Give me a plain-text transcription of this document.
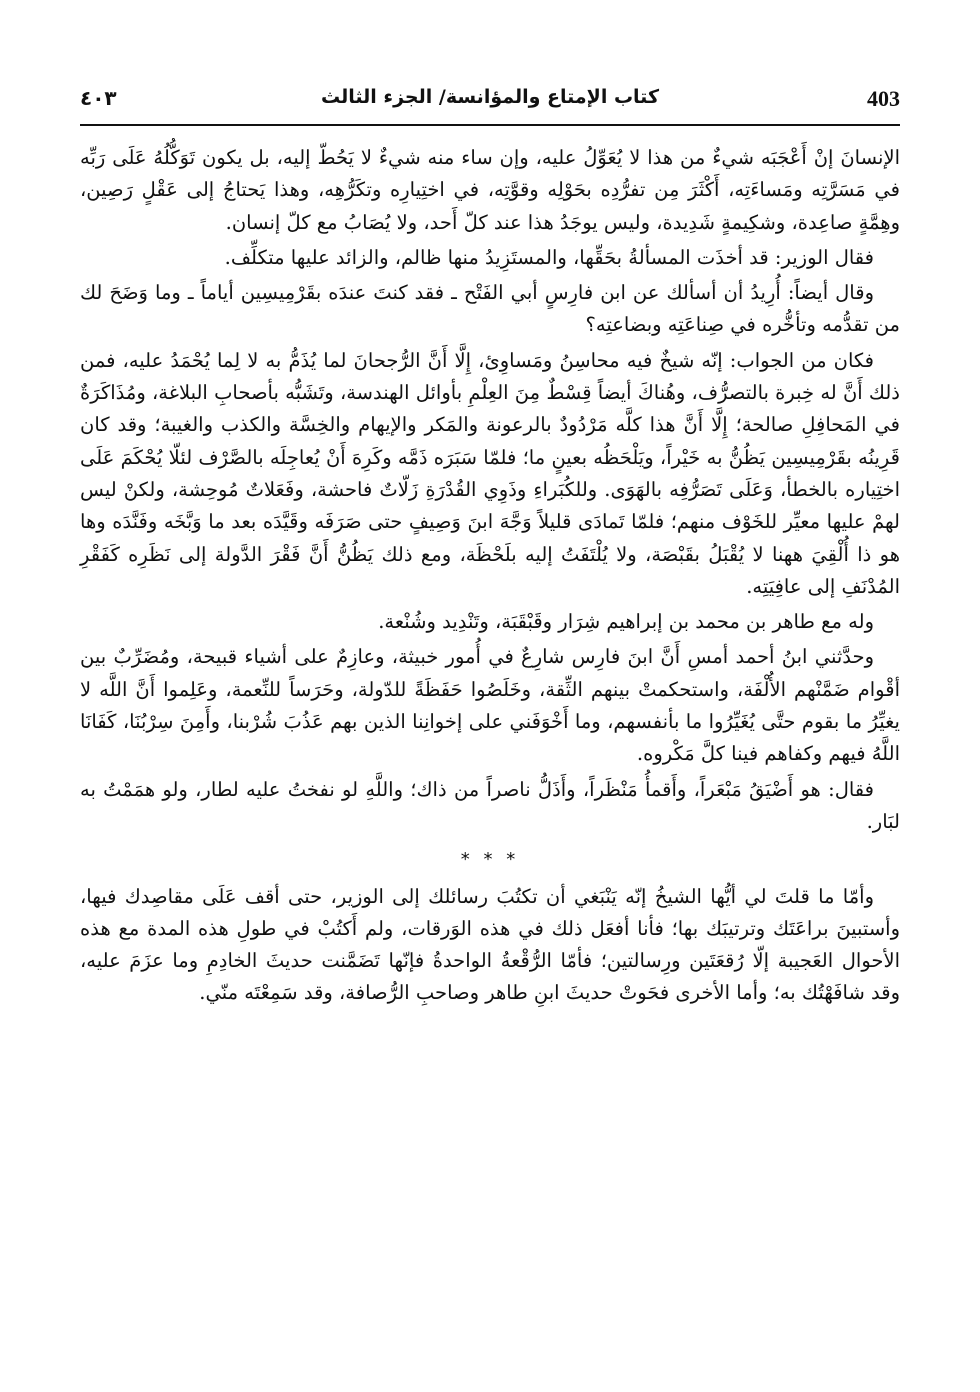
403
كتاب الإمتاع والمؤانسة/ الجزء الثالث
٤٠٣

الإنسانَ إنْ أَعْجَبَه شيءٌ من هذا لا يُعَوِّلُ عليه، وإن ساء منه شيءٌ لا يَحُطّ إليه، بل يكون تَوَكُّلُهُ عَلَى رَبِّه في مَسَرَّتِه ومَساءَتِه، أَكْثَرَ مِن تفرُّدِه بحَوْلِه وقوَّتِه، في اختِيارِه وتكَرُّهِه، وهذا يَحتاجُ إلى عَقْلٍ رَصِين، وهِمَّةٍ صاعِدة، وشكِيمةٍ شَدِيدة، وليس يوجَدُ هذا عند كلّ أَحد، ولا يُصَابُ مع كلّ إنسان.

فقال الوزير: قد أخذَت المسألةُ بحَقِّها، والمستَزِيدُ منها ظالم، والزائد عليها متكلِّف.

وقال أيضاً: أُرِيدُ أن أسألك عن ابن فارِسٍ أبي الفَتْح ـ فقد كنتَ عندَه بقَرْمِيسِين أياماً ـ وما وَضَحَ لك من تقدُّمه وتأخُّره في صِناعَتِه وبضاعتِه؟

فكان من الجواب: إنّه شيخٌ فيه محاسِنُ ومَساوِئ، إِلَّا أَنَّ الرُّجحانَ لما يُذَمُّ به لا لِما يُحْمَدُ عليه، فمن ذلك أَنَّ له خِبرة بالتصرُّف، وهُناكَ أيضاً قِسْطٌ مِنَ العِلْمِ بأوائل الهندسة، وتَشَبُّه بأصحابِ البلاغة، ومُذَاكَرَةٌ في المَحافِلِ صالحة؛ إِلَّا أَنَّ هذا كلَّه مَرْدُودٌ بالرعونة والمَكر والإيهام والخِسَّة والكذب والغيبة؛ وقد كان قَرِينُه بقَرْمِيسِين يَظُنُّ به خَيْراً، ويَلْحَظُه بعينٍ ما؛ فلمّا سَبَرَه ذَمَّه وكَرِهَ أَنْ يُعاجِلَه بالصَّرْف لئلّا يُحْكَمَ عَلَى اختِياره بالخطأ، وَعَلَى تَصَرُّفِه بالهَوَى. وللكُبَراءِ وذَوِي القُدْرَةِ زَلّاتٌ فاحشة، وفَعَلاتٌ مُوحِشة، ولكنْ ليس لهمْ عليها معيِّر للخَوْف منهم؛ فلمّا تَمادَى قليلاً وَجَّهَ ابنَ وَصِيفٍ حتى صَرَفَه وقَيَّدَه بعد ما وَبَّخَه وفَنَّدَه وها هو ذا أُلْقِيَ ههنا لا يُقْبَلُ بقَبْصَة، ولا يُلْتَفَتُ إليه بلَحْظَة، ومع ذلك يَظُنُّ أَنَّ فَقْرَ الدَّولة إلى نَظَرِه كَفَقْرِ المُدْنَفِ إلى عافِيَتِه.

وله مع طاهر بن محمد بن إبراهيم شِرَار وقَبْقَبَة، وتَنْدِيد وشُنْعة.

وحدَّثني ابنُ أحمد أمسِ أَنَّ ابنَ فارِس شارِعٌ في أُمور خبيثة، وعازِمٌ على أشياء قبيحة، ومُضَرِّبٌ بين أقْوام ضَمَّنْهم الأُلْفَة، واستحكمتْ بينهم الثِّقة، وخَلَصُوا حَفَظَةً للدّولة، وحَرَساً للنِّعمة، وعَلِموا أَنَّ اللَّه لا يغيِّرُ ما بقوم حتَّى يُغَيِّرُوا ما بأنفسهم، وما أَخْوَفَني على إخوانِنا الذين بهم عَذُبَ شُرْبنا، وأَمِنَ سِرْبُنَا، كَفَانَا اللَّهُ فيهم وكفاهم فينا كلَّ مَكْروه.

فقال: هو أَضْيَقُ مَبْعَراً، وأَقمأُ مَنْظَراً، وأَذَلُّ ناصراً من ذاك؛ واللَّهِ لو نفختُ عليه لطار، ولو همَمْتُ به لبَار.

* * *

وأمّا ما قلتَ لي أيُّها الشيخُ إنّه يَنْبَغي أن تكتُبَ رسائلك إلى الوزير، حتى أقف عَلَى مقاصِدك فيها، وأستبينَ براعَتَك وترتيبَك بها؛ فأنا أفعَل ذلك في هذه الوَرقات، ولم أَكتُبْ في طولِ هذه المدة مع هذه الأحوال العَجيبة إلّا رُقعَتَين ورِسالتين؛ فأمّا الرُّقْعةُ الواحدةُ فإنّها تَضَمَّنت حديثَ الخادِمِ وما عزَمَ عليه، وقد شافَهْتُك به؛ وأما الأخرى فحَوتْ حديثَ ابنِ طاهر وصاحبِ الرُّصافة، وقد سَمِعْتَه منّي.
